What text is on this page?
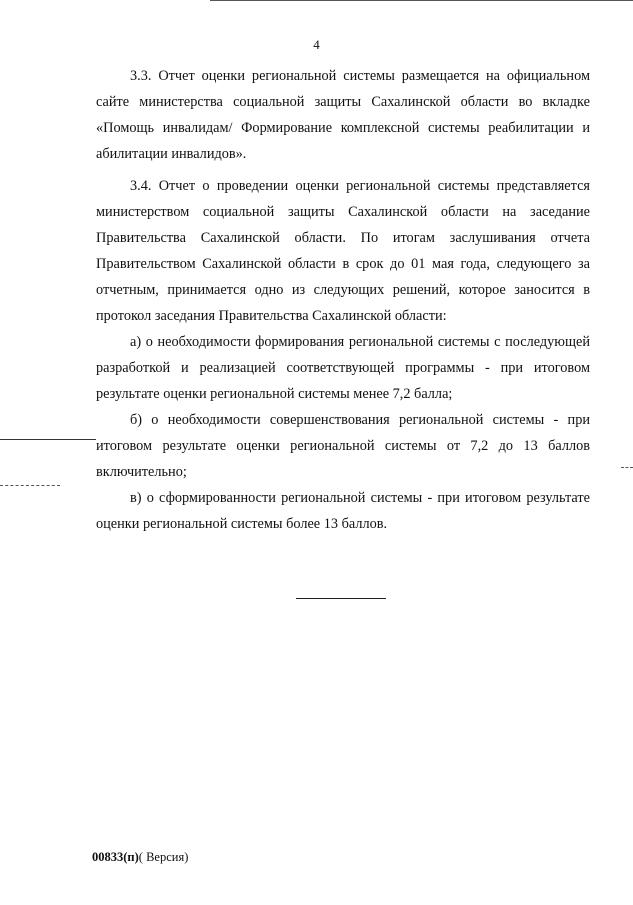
4

3.3. Отчет оценки региональной системы размещается на официальном сайте министерства социальной защиты Сахалинской области во вкладке «Помощь инвалидам/ Формирование комплексной системы реабилитации и абилитации инвалидов».

3.4. Отчет о проведении оценки региональной системы представляется министерством социальной защиты Сахалинской области на заседание Правительства Сахалинской области. По итогам заслушивания отчета Правительством Сахалинской области в срок до 01 мая года, следующего за отчетным, принимается одно из следующих решений, которое заносится в протокол заседания Правительства Сахалинской области:

а) о необходимости формирования региональной системы с последующей разработкой и реализацией соответствующей программы - при итоговом результате оценки региональной системы менее 7,2 балла;

б) о необходимости совершенствования региональной системы - при итоговом результате оценки региональной системы от 7,2 до 13 баллов включительно;

в) о сформированности региональной системы - при итоговом результате оценки региональной системы более 13 баллов.

00833(п)( Версия)
